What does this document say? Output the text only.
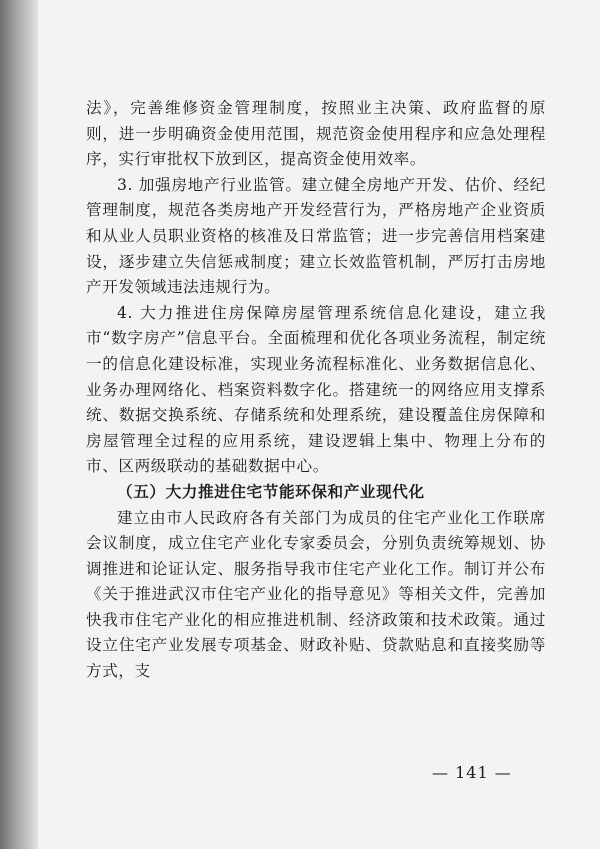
法》，完善维修资金管理制度，按照业主决策、政府监督的原则，进一步明确资金使用范围，规范资金使用程序和应急处理程序，实行审批权下放到区，提高资金使用效率。

3. 加强房地产行业监管。建立健全房地产开发、估价、经纪管理制度，规范各类房地产开发经营行为，严格房地产企业资质和从业人员职业资格的核准及日常监管；进一步完善信用档案建设，逐步建立失信惩戒制度；建立长效监管机制，严厉打击房地产开发领域违法违规行为。

4. 大力推进住房保障房屋管理系统信息化建设，建立我市“数字房产”信息平台。全面梳理和优化各项业务流程，制定统一的信息化建设标准，实现业务流程标准化、业务数据信息化、业务办理网络化、档案资料数字化。搭建统一的网络应用支撑系统、数据交换系统、存储系统和处理系统，建设覆盖住房保障和房屋管理全过程的应用系统，建设逻辑上集中、物理上分布的市、区两级联动的基础数据中心。

（五）大力推进住宅节能环保和产业现代化

建立由市人民政府各有关部门为成员的住宅产业化工作联席会议制度，成立住宅产业化专家委员会，分别负责统筹规划、协调推进和论证认定、服务指导我市住宅产业化工作。制订并公布《关于推进武汉市住宅产业化的指导意见》等相关文件，完善加快我市住宅产业化的相应推进机制、经济政策和技术政策。通过设立住宅产业发展专项基金、财政补贴、贷款贴息和直接奖励等方式，支

— 141 —
